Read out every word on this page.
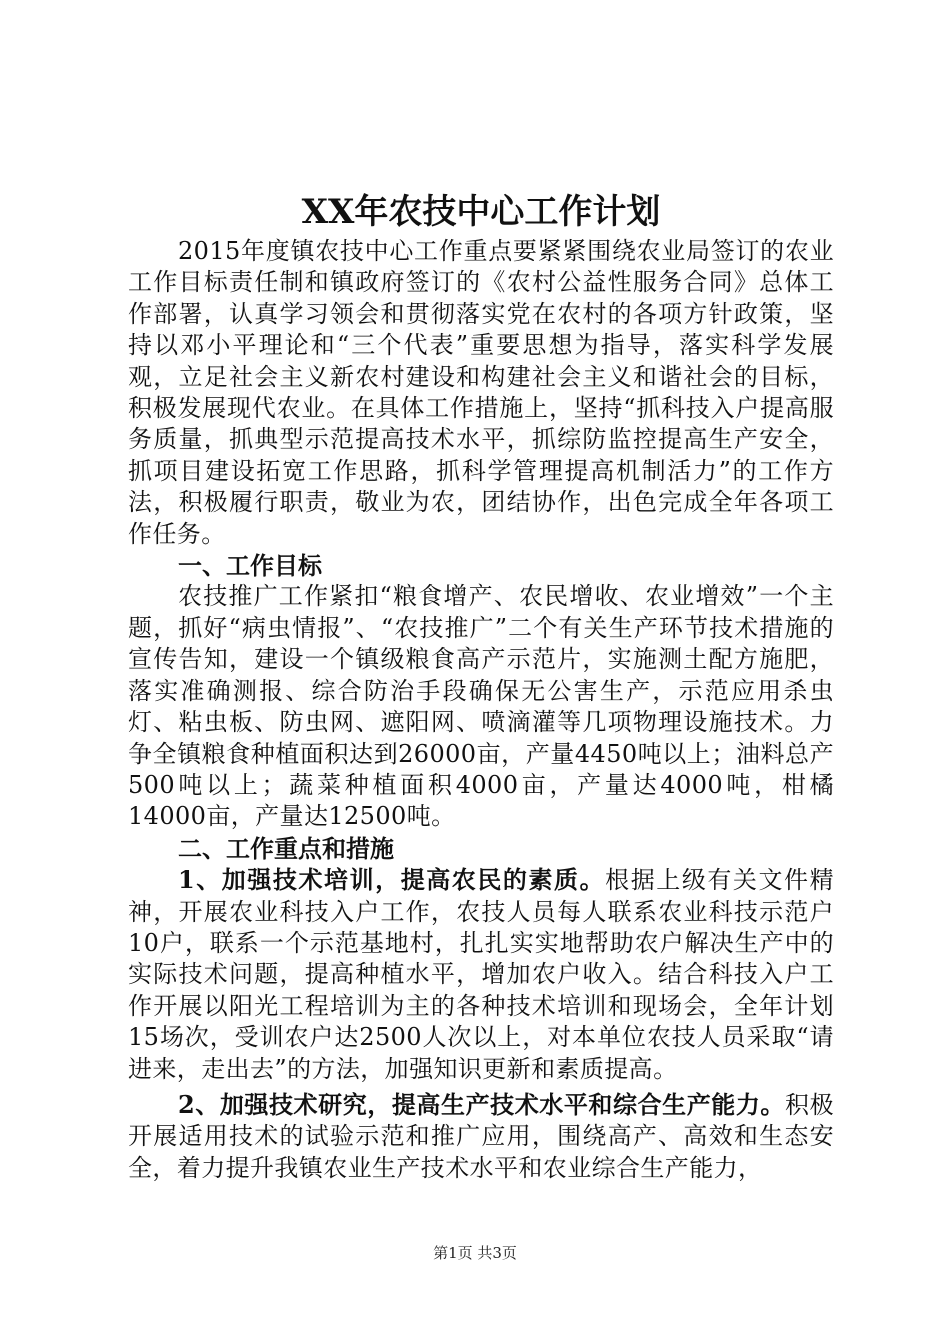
XX年农技中心工作计划

2015年度镇农技中心工作重点要紧紧围绕农业局签订的农业工作目标责任制和镇政府签订的《农村公益性服务合同》总体工作部署，认真学习领会和贯彻落实党在农村的各项方针政策，坚持以邓小平理论和“三个代表”重要思想为指导，落实科学发展观，立足社会主义新农村建设和构建社会主义和谐社会的目标，积极发展现代农业。在具体工作措施上，坚持“抓科技入户提高服务质量，抓典型示范提高技术水平，抓综防监控提高生产安全，抓项目建设拓宽工作思路，抓科学管理提高机制活力”的工作方法，积极履行职责，敬业为农，团结协作，出色完成全年各项工作任务。

一、工作目标

农技推广工作紧扣“粮食增产、农民增收、农业增效”一个主题，抓好“病虫情报”、“农技推广”二个有关生产环节技术措施的宣传告知，建设一个镇级粮食高产示范片，实施测土配方施肥，落实准确测报、综合防治手段确保无公害生产，示范应用杀虫灯、粘虫板、防虫网、遮阳网、喷滴灌等几项物理设施技术。力争全镇粮食种植面积达到26000亩，产量4450吨以上；油料总产500吨以上；蔬菜种植面积4000亩，产量达4000吨，柑橘14000亩，产量达12500吨。

二、工作重点和措施

1、加强技术培训，提高农民的素质。根据上级有关文件精神，开展农业科技入户工作，农技人员每人联系农业科技示范户10户，联系一个示范基地村，扎扎实实地帮助农户解决生产中的实际技术问题，提高种植水平，增加农户收入。结合科技入户工作开展以阳光工程培训为主的各种技术培训和现场会，全年计划15场次，受训农户达2500人次以上，对本单位农技人员采取“请进来，走出去”的方法，加强知识更新和素质提高。

2、加强技术研究，提高生产技术水平和综合生产能力。积极开展适用技术的试验示范和推广应用，围绕高产、高效和生态安全，着力提升我镇农业生产技术水平和农业综合生产能力，

第1页 共3页
